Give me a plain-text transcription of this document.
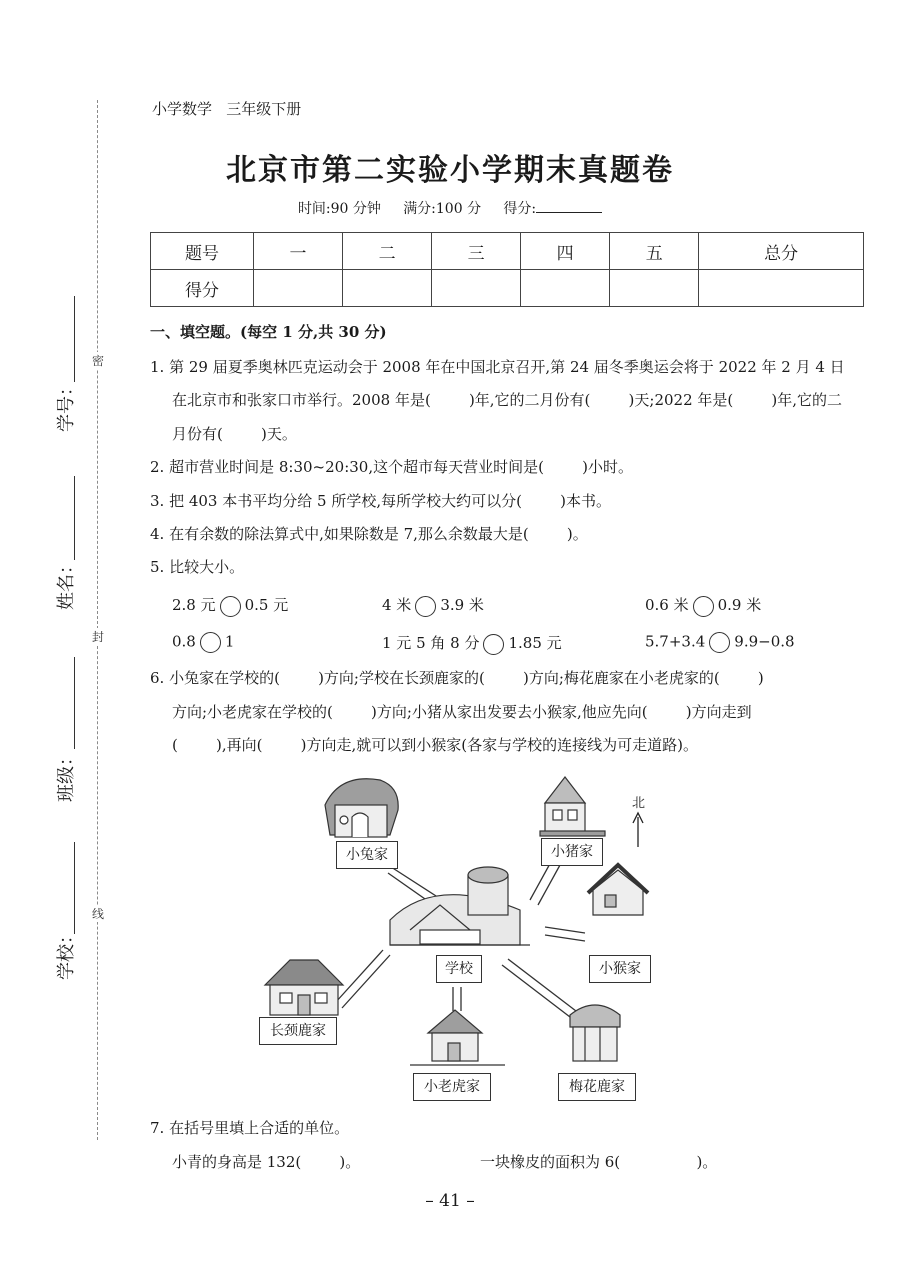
密
封
线
学号：
姓名：
班级：
学校：
小学数学   三年级下册
北京市第二实验小学期末真题卷
时间:90 分钟 满分:100 分 得分:
题号	一	二	三	四	五	总分
得分						
一、填空题。(每空 1 分,共 30 分)
1. 第 29 届夏季奥林匹克运动会于 2008 年在中国北京召开,第 24 届冬季奥运会将于 2022 年 2 月 4 日
在北京市和张家口市举行。2008 年是(        )年,它的二月份有(        )天;2022 年是(        )年,它的二
月份有(        )天。
2. 超市营业时间是 8:30~20:30,这个超市每天营业时间是(        )小时。
3. 把 403 本书平均分给 5 所学校,每所学校大约可以分(        )本书。
4. 在有余数的除法算式中,如果除数是 7,那么余数最大是(        )。
5. 比较大小。
2.8 元 0.5 元	4 米 3.9 米	0.6 米 0.9 米
0.8 1	1 元 5 角 8 分 1.85 元	5.7+3.4 9.9−0.8
6. 小兔家在学校的(        )方向;学校在长颈鹿家的(        )方向;梅花鹿家在小老虎家的(        )
方向;小老虎家在学校的(        )方向;小猪从家出发要去小猴家,他应先向(        )方向走到
(        ),再向(        )方向走,就可以到小猴家(各家与学校的连接线为可走道路)。
北
小兔家	小猪家
学校	小猴家
长颈鹿家
小老虎家	梅花鹿家
7. 在括号里填上合适的单位。
小青的身高是 132(        )。	一块橡皮的面积为 6(                )。
– 41 –
